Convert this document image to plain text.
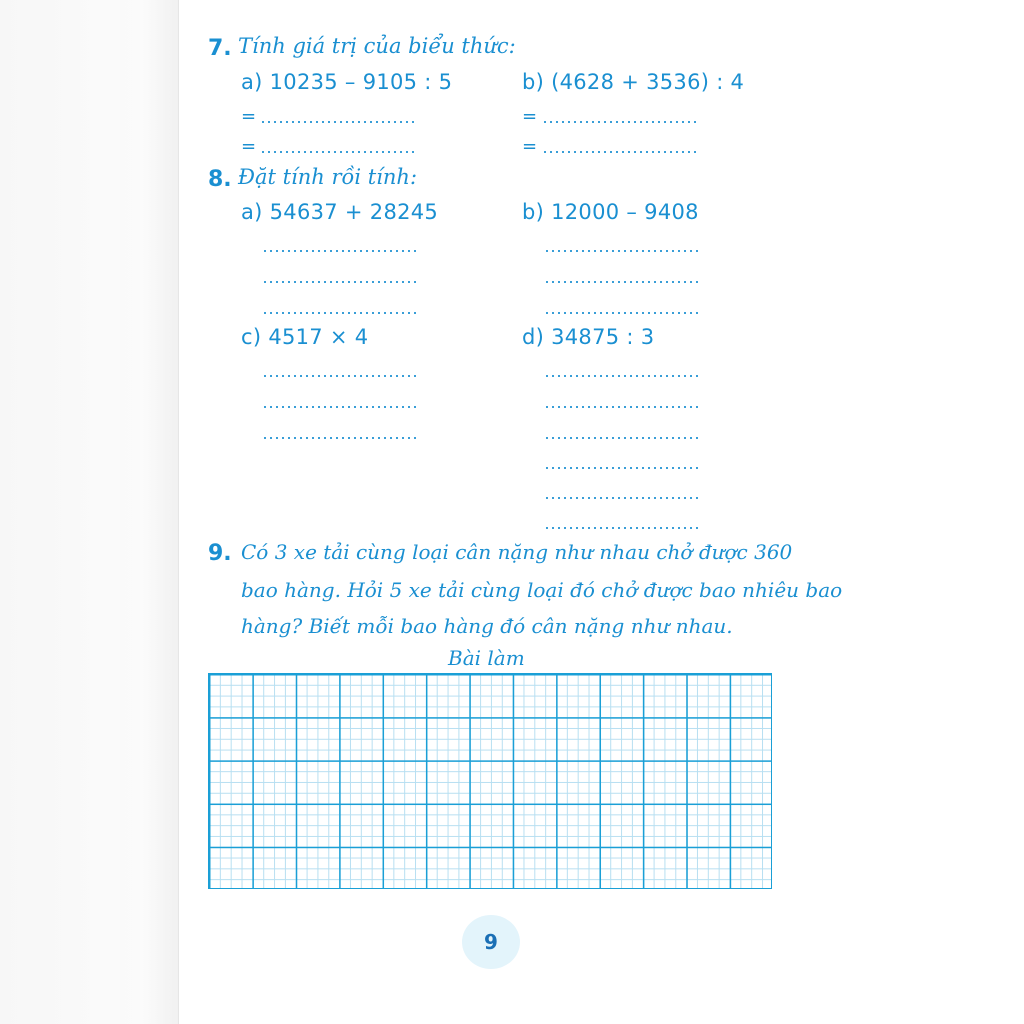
7. Tính giá trị của biểu thức:
a) 10235 – 9105 : 5	b) (4628 + 3536) : 4
=
=
=
=
8. Đặt tính rồi tính:
a) 54637 + 28245	b) 12000 – 9408
c) 4517 × 4	d) 34875 : 3
9. Có 3 xe tải cùng loại cân nặng như nhau chở được 360
bao hàng. Hỏi 5 xe tải cùng loại đó chở được bao nhiêu bao
hàng? Biết mỗi bao hàng đó cân nặng như nhau.
Bài làm
9
